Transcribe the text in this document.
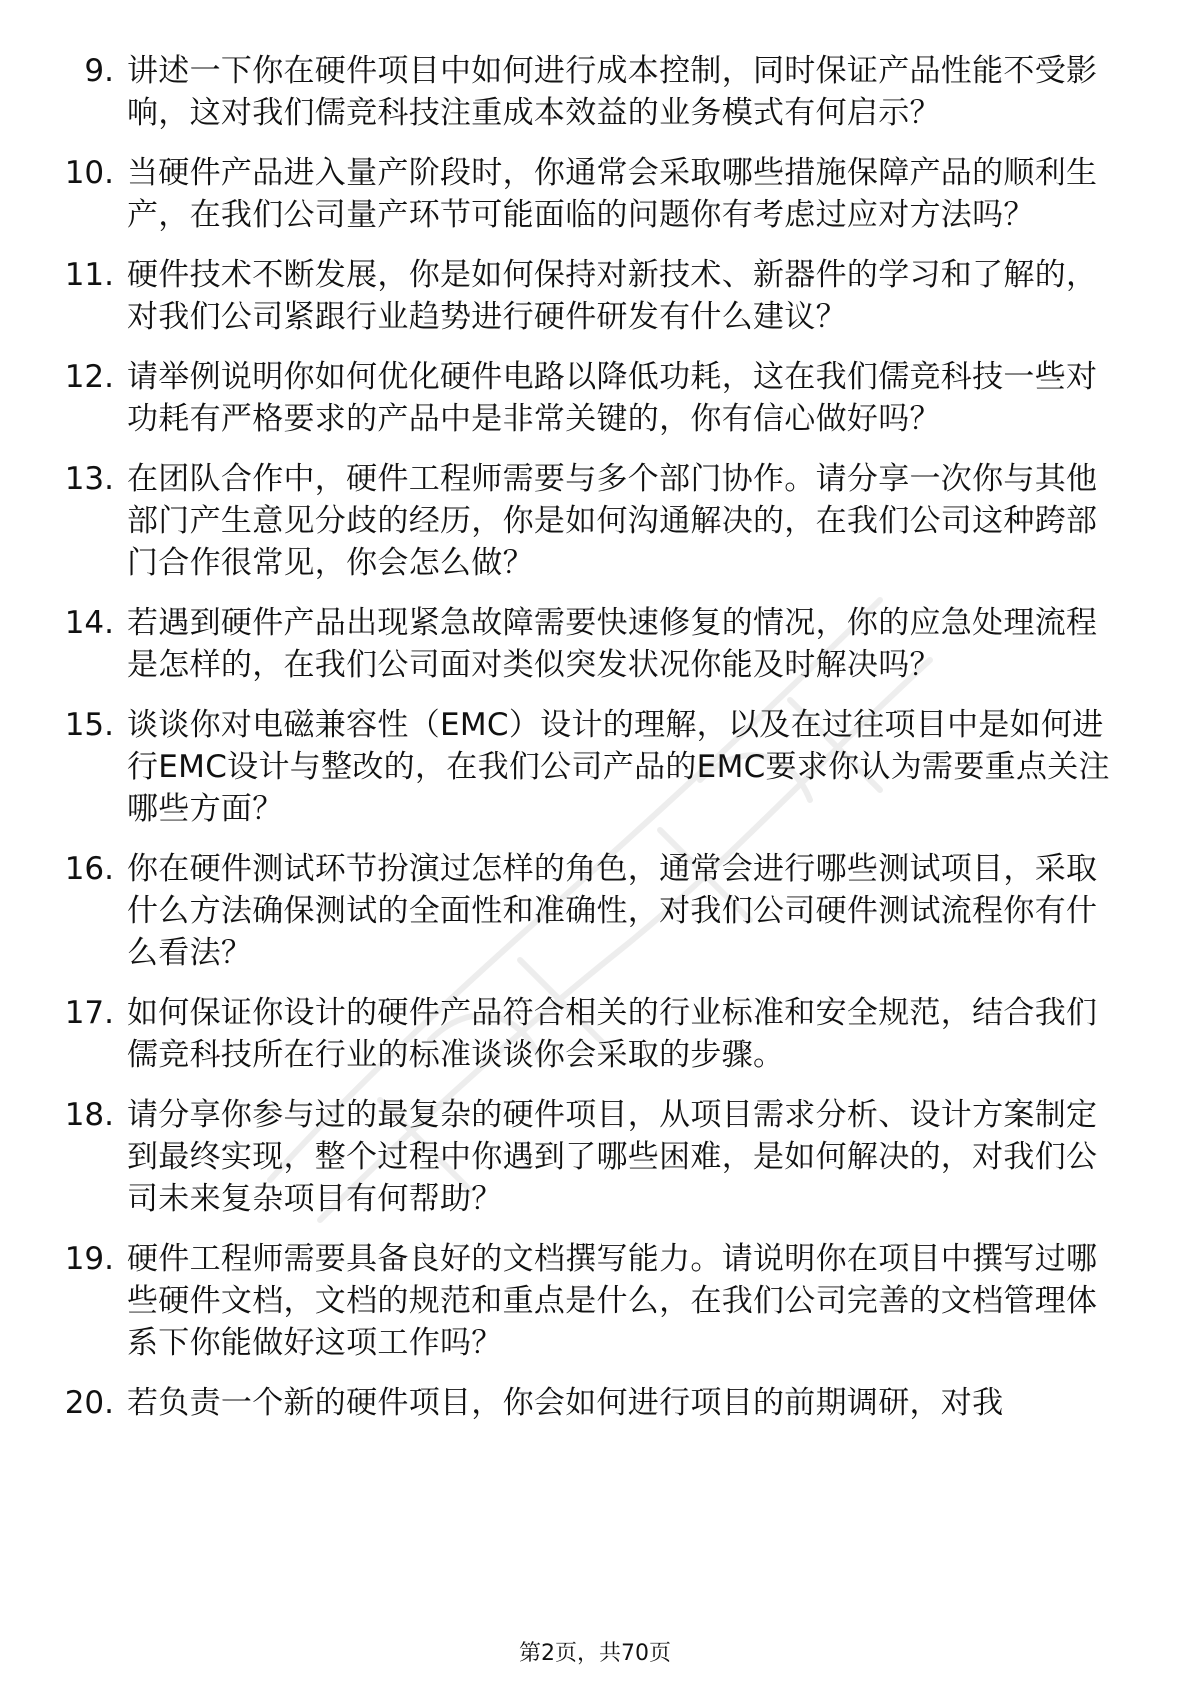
9. 讲述一下你在硬件项目中如何进行成本控制，同时保证产品性能不受影响，这对我们儒竞科技注重成本效益的业务模式有何启示？
10. 当硬件产品进入量产阶段时，你通常会采取哪些措施保障产品的顺利生产，在我们公司量产环节可能面临的问题你有考虑过应对方法吗？
11. 硬件技术不断发展，你是如何保持对新技术、新器件的学习和了解的，对我们公司紧跟行业趋势进行硬件研发有什么建议？
12. 请举例说明你如何优化硬件电路以降低功耗，这在我们儒竞科技一些对功耗有严格要求的产品中是非常关键的，你有信心做好吗？
13. 在团队合作中，硬件工程师需要与多个部门协作。请分享一次你与其他部门产生意见分歧的经历，你是如何沟通解决的，在我们公司这种跨部门合作很常见，你会怎么做？
14. 若遇到硬件产品出现紧急故障需要快速修复的情况，你的应急处理流程是怎样的，在我们公司面对类似突发状况你能及时解决吗？
15. 谈谈你对电磁兼容性（EMC）设计的理解，以及在过往项目中是如何进行EMC设计与整改的，在我们公司产品的EMC要求你认为需要重点关注哪些方面？
16. 你在硬件测试环节扮演过怎样的角色，通常会进行哪些测试项目，采取什么方法确保测试的全面性和准确性，对我们公司硬件测试流程你有什么看法？
17. 如何保证你设计的硬件产品符合相关的行业标准和安全规范，结合我们儒竞科技所在行业的标准谈谈你会采取的步骤。
18. 请分享你参与过的最复杂的硬件项目，从项目需求分析、设计方案制定到最终实现，整个过程中你遇到了哪些困难，是如何解决的，对我们公司未来复杂项目有何帮助？
19. 硬件工程师需要具备良好的文档撰写能力。请说明你在项目中撰写过哪些硬件文档，文档的规范和重点是什么，在我们公司完善的文档管理体系下你能做好这项工作吗？
20. 若负责一个新的硬件项目，你会如何进行项目的前期调研，对我
第2页，共70页
